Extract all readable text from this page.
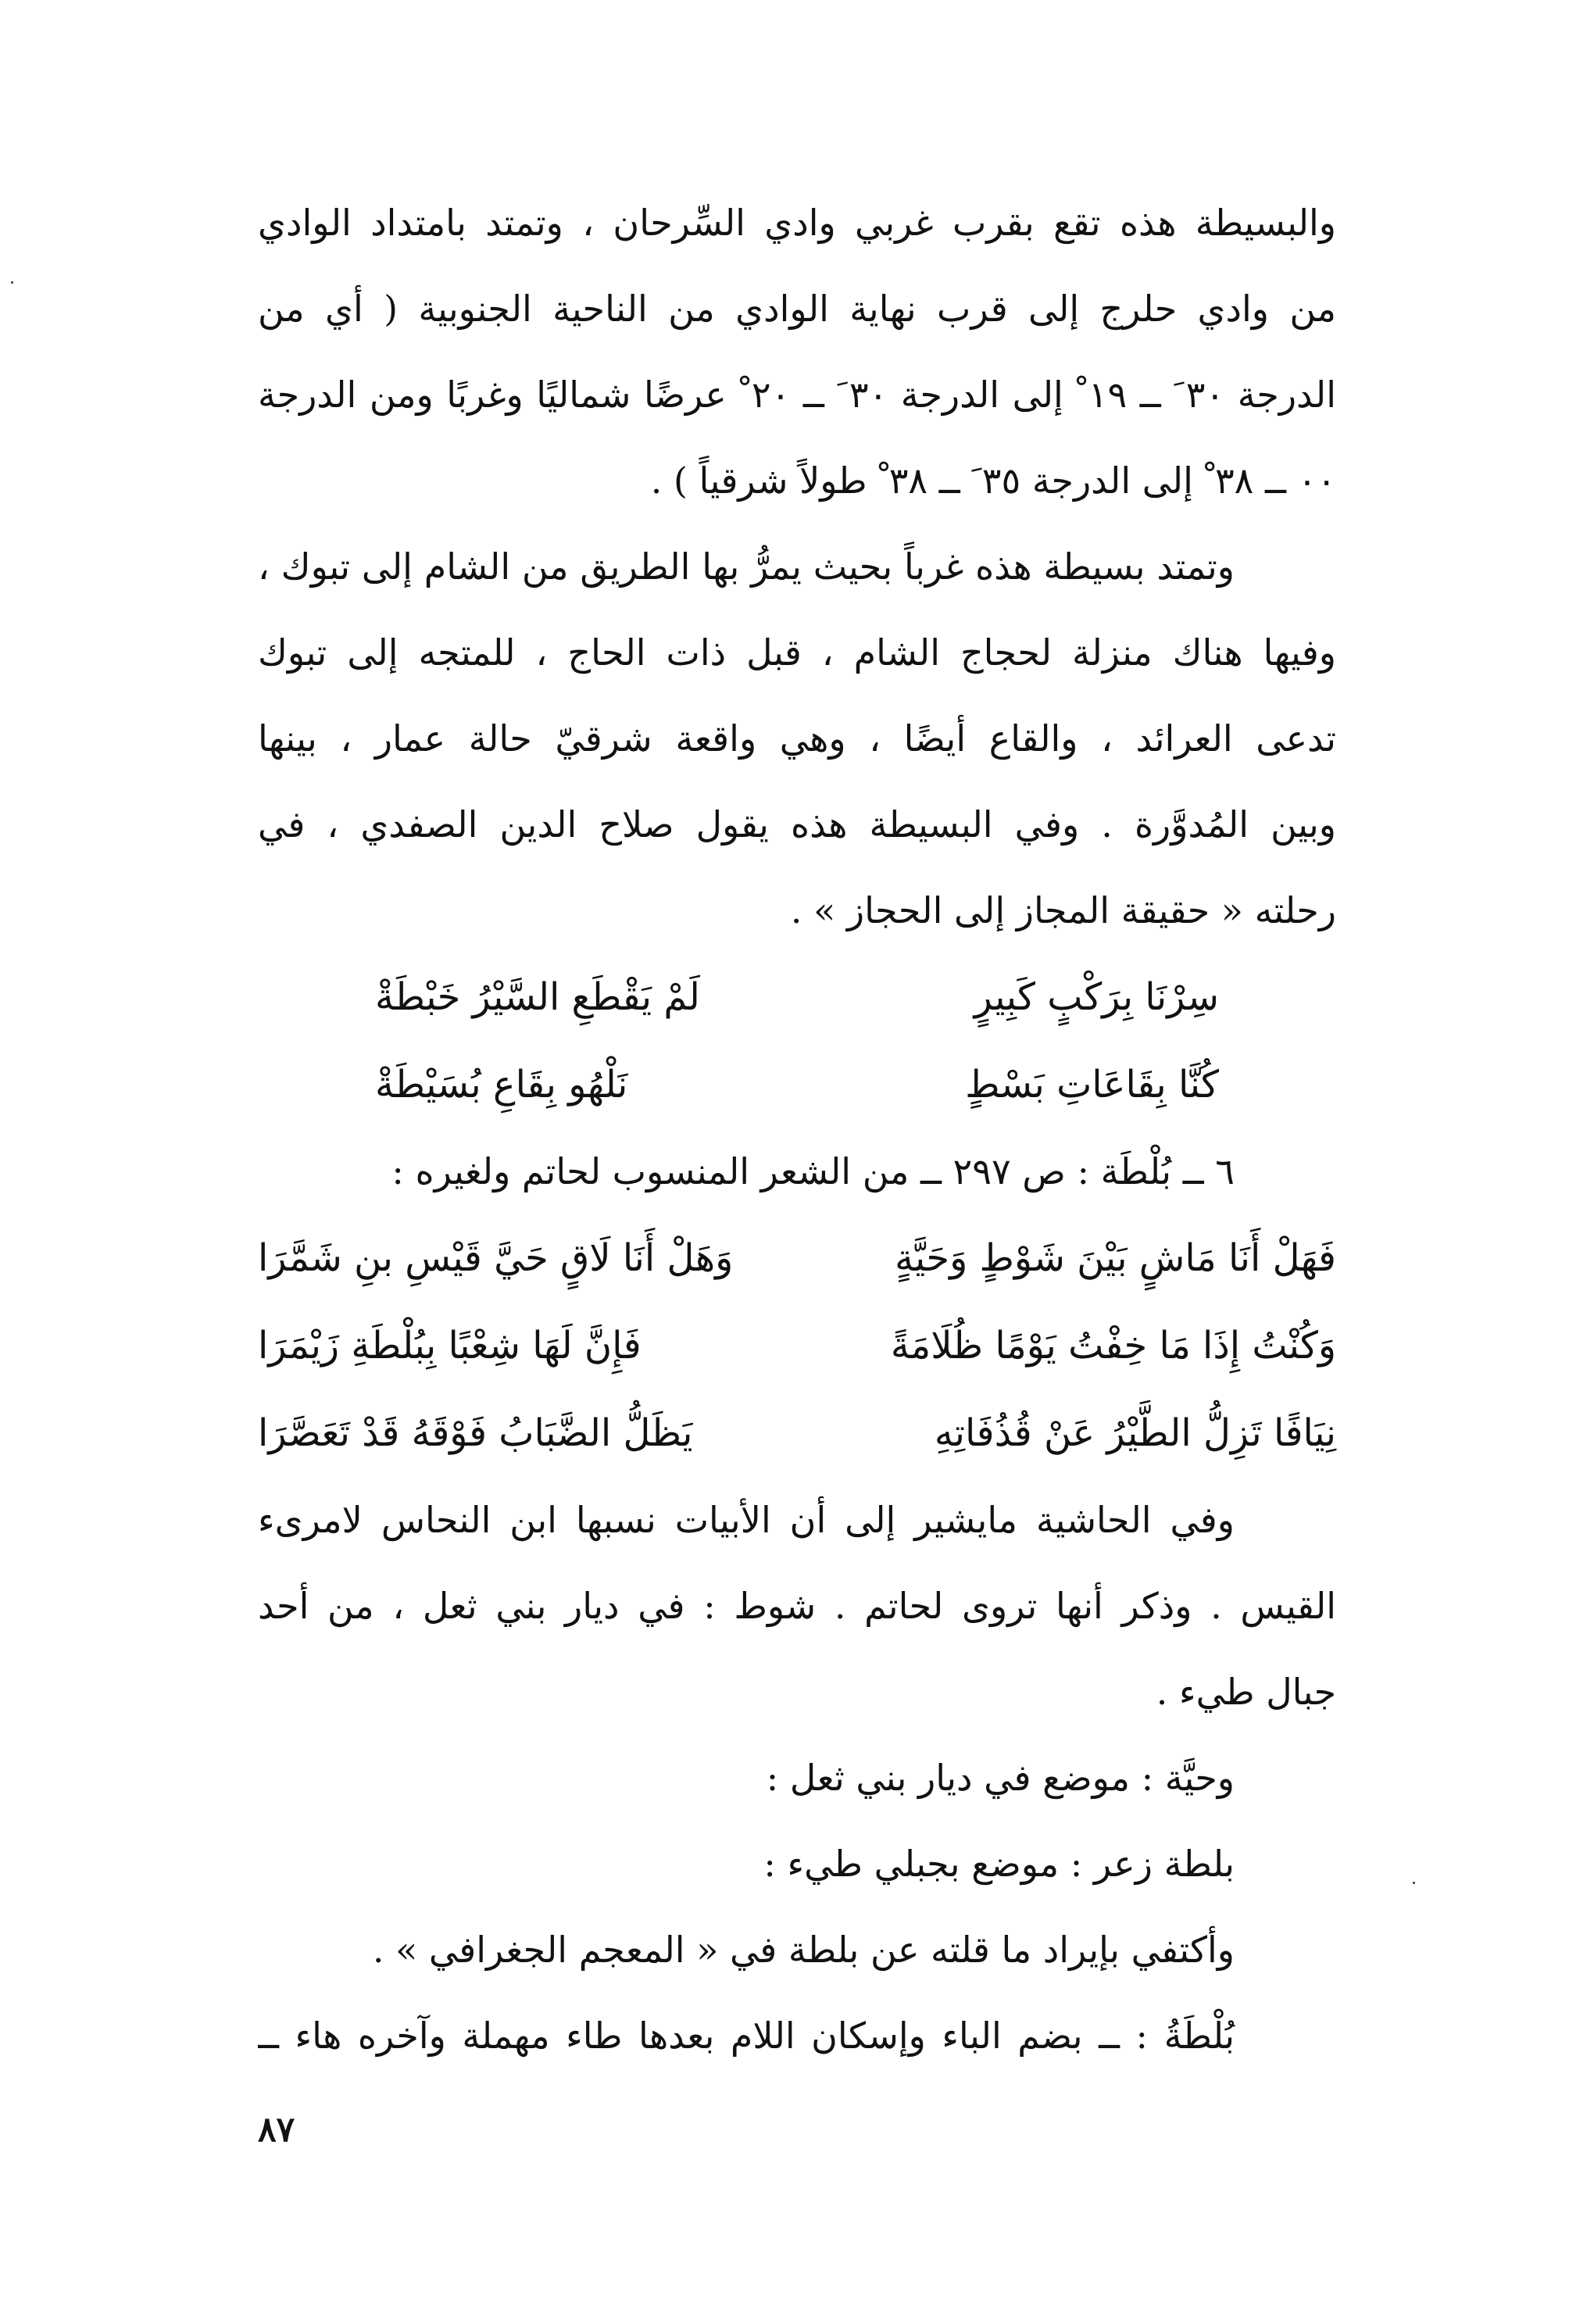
والبسيطة هذه تقع بقرب غربي وادي السِّرحان ، وتمتد بامتداد الوادي
من وادي حلرج إلى قرب نهاية الوادي من الناحية الجنوبية ( أي من
الدرجة ٣٠ َ ــ ١٩ ْ إلى الدرجة ٣٠ َ ــ ٢٠ ْ عرضًا شماليًا وغربًا ومن الدرجة
٠٠ ــ ٣٨ ْ إلى الدرجة ٣٥ َ ــ ٣٨ ْ طولاً شرقياً ) .
وتمتد بسيطة هذه غرباً بحيث يمرُّ بها الطريق من الشام إلى تبوك ،
وفيها هناك منزلة لحجاج الشام ، قبل ذات الحاج ، للمتجه إلى تبوك
تدعى العرائد ، والقاع أيضًا ، وهي واقعة شرقيّ حالة عمار ، بينها
وبين المُدوَّرة . وفي البسيطة هذه يقول صلاح الدين الصفدي ، في
رحلته « حقيقة المجاز إلى الحجاز » .
سِرْنَا بِرَكْبٍ كَبِيرٍ
لَمْ يَقْطَعِ السَّيْرُ خَبْطَةْ
كُنَّا بِقَاعَاتِ بَسْطٍ
نَلْهُو بِقَاعِ بُسَيْطَةْ
٦ ــ بُلْطَة : ص ٢٩٧ ــ من الشعر المنسوب لحاتم ولغيره :
فَهَلْ أَنَا مَاشٍ بَيْنَ شَوْطٍ وَحَيَّةٍ
وَهَلْ أَنَا لَاقٍ حَيَّ قَيْسِ بنِ شَمَّرَا
وَكُنْتُ إِذَا مَا خِفْتُ يَوْمًا ظُلَامَةً
فَإِنَّ لَهَا شِعْبًا بِبُلْطَةِ زَيْمَرَا
نِيَافًا تَزِلُّ الطَّيْرُ عَنْ قُذُفَاتِهِ
يَظَلُّ الضَّبَابُ فَوْقَهُ قَدْ تَعَصَّرَا
وفي الحاشية مايشير إلى أن الأبيات نسبها ابن النحاس لامرىء
القيس . وذكر أنها تروى لحاتم . شوط : في ديار بني ثعل ، من أحد
جبال طيء .
وحيَّة : موضع في ديار بني ثعل :
بلطة زعر : موضع بجبلي طيء :
وأكتفي بإيراد ما قلته عن بلطة في « المعجم الجغرافي » .
بُلْطَةُ : ــ بضم الباء وإسكان اللام بعدها طاء مهملة وآخره هاء ــ
٨٧
